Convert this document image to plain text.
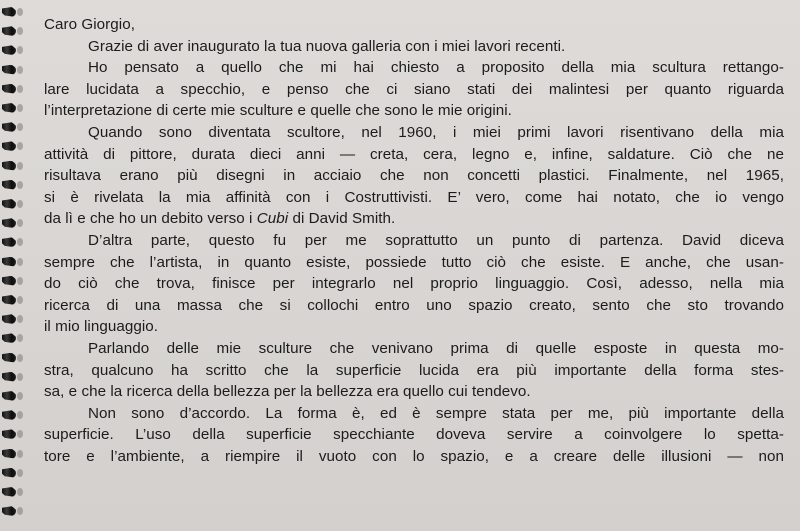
Caro Giorgio,
Grazie di aver inaugurato la tua nuova galleria con i miei lavori recenti.
Ho pensato a quello che mi hai chiesto a proposito della mia scultura rettango-
lare lucidata a specchio, e penso che ci siano stati dei malintesi per quanto riguarda
l’interpretazione di certe mie sculture e quelle che sono le mie origini.
Quando sono diventata scultore, nel 1960, i miei primi lavori risentivano della mia
attività di pittore, durata dieci anni — creta, cera, legno e, infine, saldature. Ciò che ne
risultava erano più disegni in acciaio che non concetti plastici. Finalmente, nel 1965,
si è rivelata la mia affinità con i Costruttivisti. E’ vero, come hai notato, che io vengo
da lì e che ho un debito verso i Cubi di David Smith.
D’altra parte, questo fu per me soprattutto un punto di partenza. David diceva
sempre che l’artista, in quanto esiste, possiede tutto ciò che esiste. E anche, che usan-
do ciò che trova, finisce per integrarlo nel proprio linguaggio. Così, adesso, nella mia
ricerca di una massa che si collochi entro uno spazio creato, sento che sto trovando
il mio linguaggio.
Parlando delle mie sculture che venivano prima di quelle esposte in questa mo-
stra, qualcuno ha scritto che la superficie lucida era più importante della forma stes-
sa, e che la ricerca della bellezza per la bellezza era quello cui tendevo.
Non sono d’accordo. La forma è, ed è sempre stata per me, più importante della
superficie. L’uso della superficie specchiante doveva servire a coinvolgere lo spetta-
tore e l’ambiente, a riempire il vuoto con lo spazio, e a creare delle illusioni — non
